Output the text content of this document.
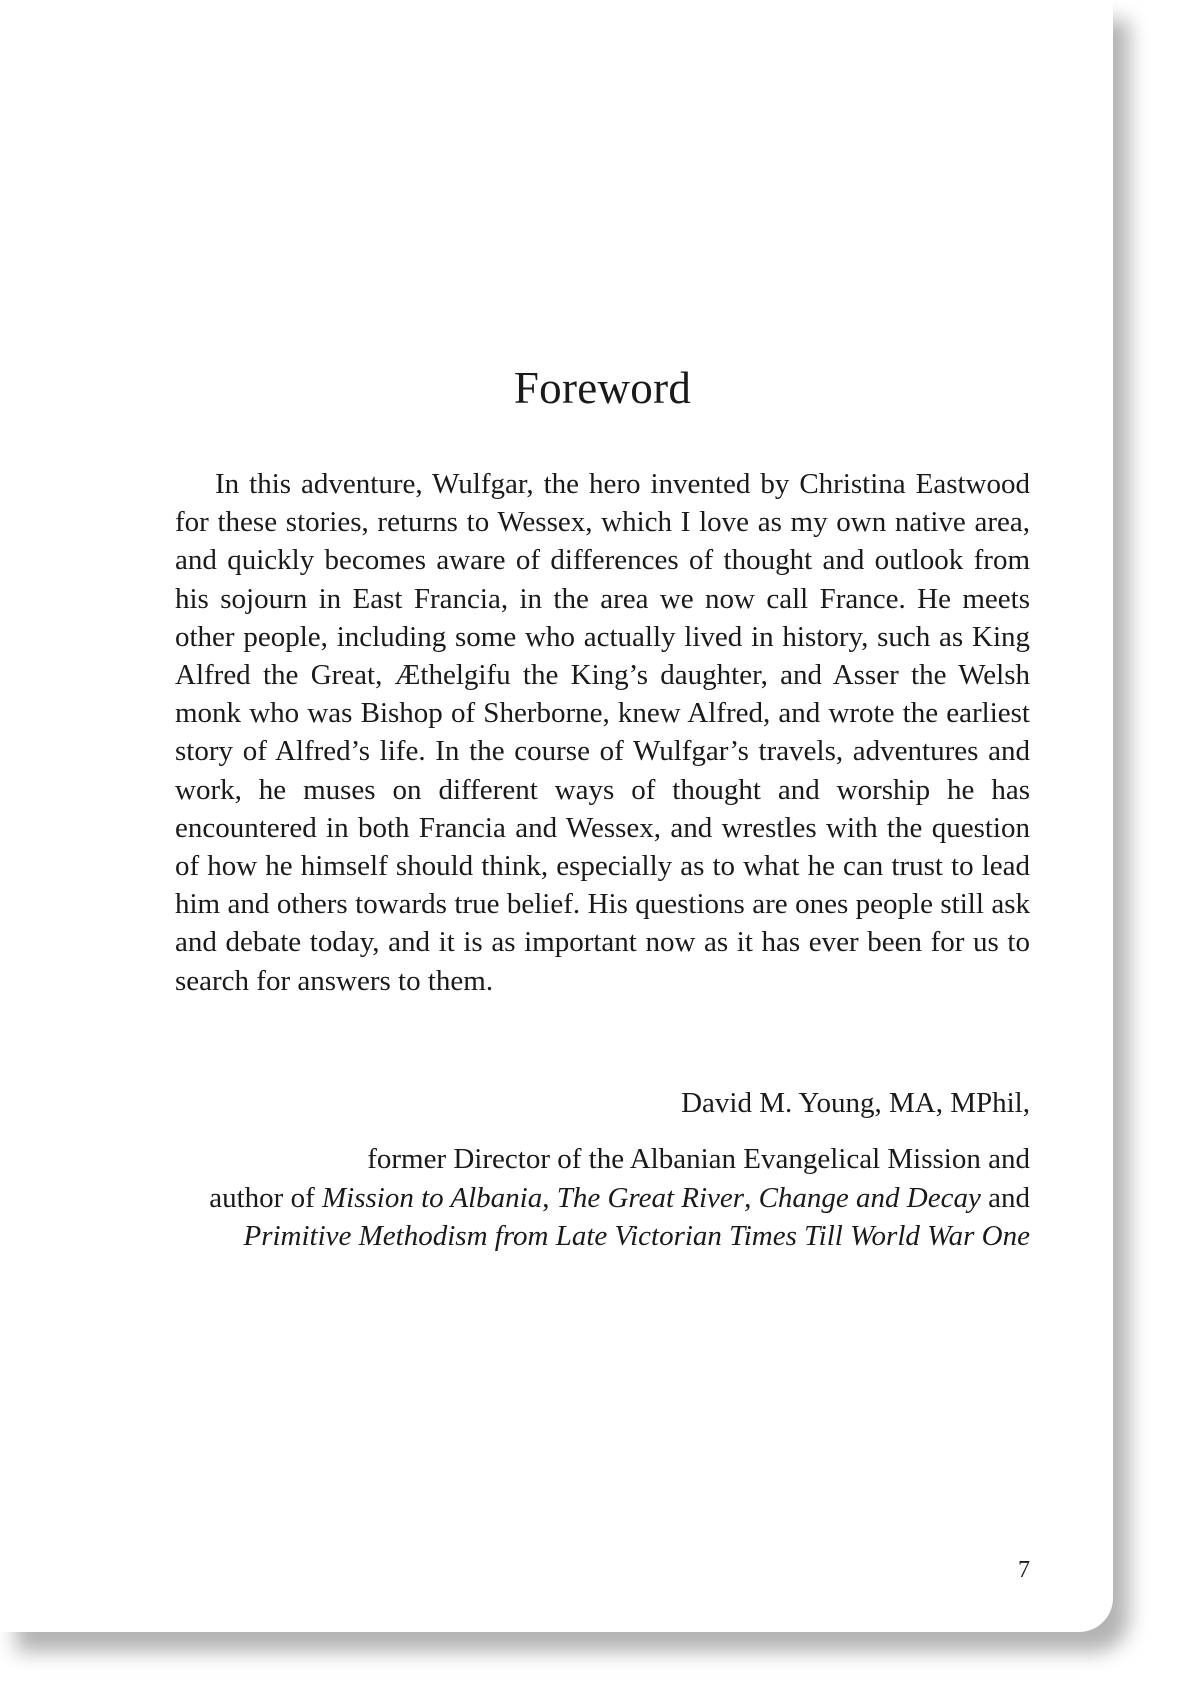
Foreword

In this adventure, Wulfgar, the hero invented by Christina Eastwood for these stories, returns to Wessex, which I love as my own native area, and quickly becomes aware of differences of thought and outlook from his sojourn in East Francia, in the area we now call France. He meets other people, including some who actually lived in history, such as King Alfred the Great, Æthelgifu the King’s daughter, and Asser the Welsh monk who was Bishop of Sherborne, knew Alfred, and wrote the earliest story of Alfred’s life. In the course of Wulfgar’s travels, adventures and work, he muses on different ways of thought and worship he has encountered in both Francia and Wessex, and wrestles with the question of how he himself should think, especially as to what he can trust to lead him and others towards true belief. His questions are ones people still ask and debate today, and it is as important now as it has ever been for us to search for answers to them.

David M. Young, MA, MPhil,

former Director of the Albanian Evangelical Mission and
author of Mission to Albania, The Great River, Change and Decay and
Primitive Methodism from Late Victorian Times Till World War One

7
